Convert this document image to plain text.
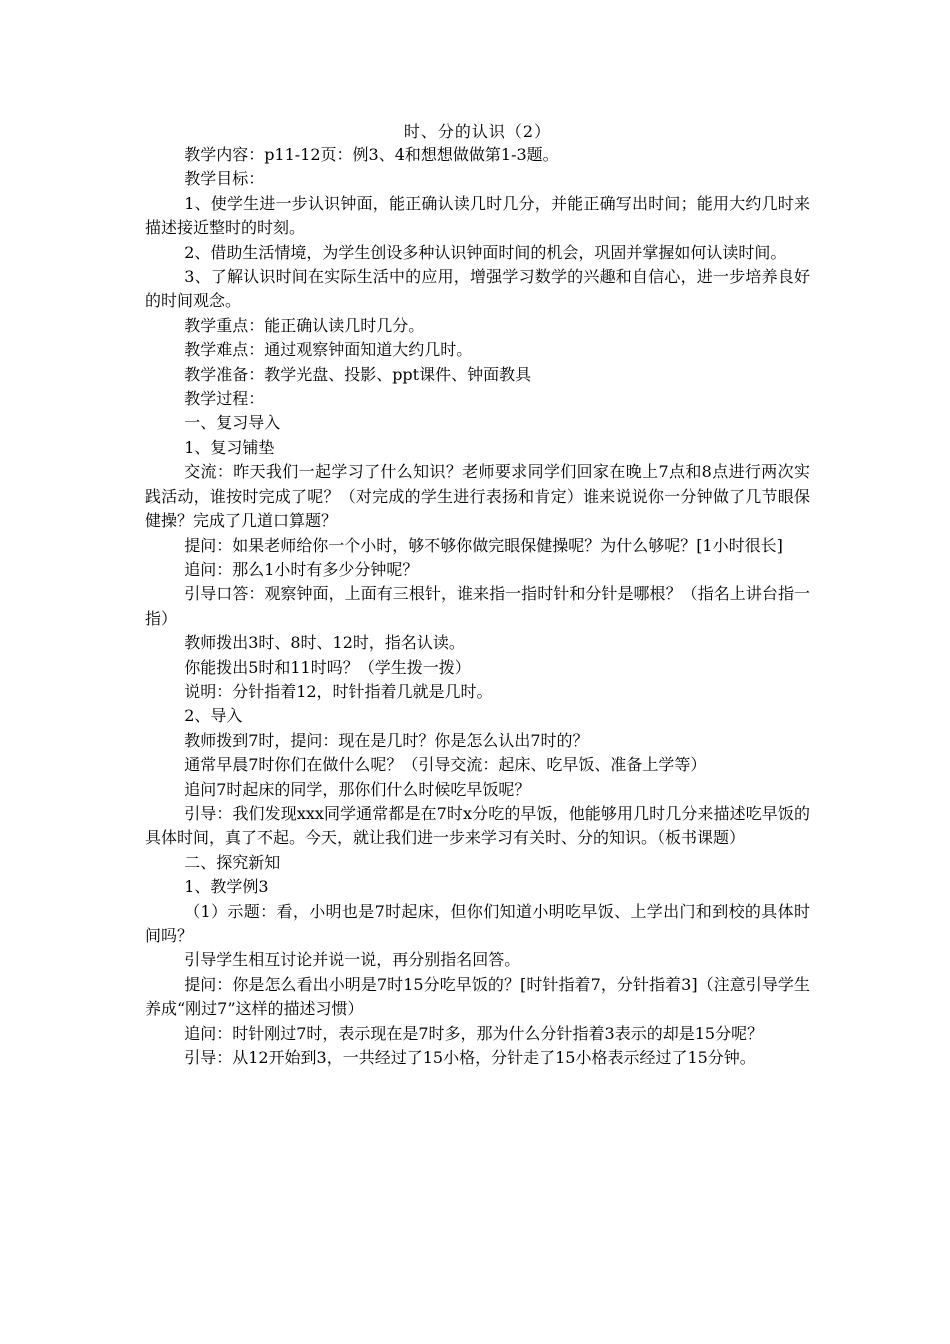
时、分的认识（2）

教学内容：p11-12页：例3、4和想想做做第1-3题。

教学目标：

1、使学生进一步认识钟面，能正确认读几时几分，并能正确写出时间；能用大约几时来描述接近整时的时刻。

2、借助生活情境，为学生创设多种认识钟面时间的机会，巩固并掌握如何认读时间。

3、了解认识时间在实际生活中的应用，增强学习数学的兴趣和自信心，进一步培养良好的时间观念。

教学重点：能正确认读几时几分。

教学难点：通过观察钟面知道大约几时。

教学准备：教学光盘、投影、ppt课件、钟面教具

教学过程：

一、复习导入

1、复习铺垫

交流：昨天我们一起学习了什么知识？老师要求同学们回家在晚上7点和8点进行两次实践活动，谁按时完成了呢？（对完成的学生进行表扬和肯定）谁来说说你一分钟做了几节眼保健操？完成了几道口算题？

提问：如果老师给你一个小时，够不够你做完眼保健操呢？为什么够呢？[1小时很长]

追问：那么1小时有多少分钟呢？

引导口答：观察钟面，上面有三根针，谁来指一指时针和分针是哪根？（指名上讲台指一指）

教师拨出3时、8时、12时，指名认读。

你能拨出5时和11时吗？（学生拨一拨）

说明：分针指着12，时针指着几就是几时。

2、导入

教师拨到7时，提问：现在是几时？你是怎么认出7时的？

通常早晨7时你们在做什么呢？（引导交流：起床、吃早饭、准备上学等）

追问7时起床的同学，那你们什么时候吃早饭呢？

引导：我们发现xxx同学通常都是在7时x分吃的早饭，他能够用几时几分来描述吃早饭的具体时间，真了不起。今天，就让我们进一步来学习有关时、分的知识。（板书课题）

二、探究新知

1、教学例3

（1）示题：看，小明也是7时起床，但你们知道小明吃早饭、上学出门和到校的具体时间吗？

引导学生相互讨论并说一说，再分别指名回答。

提问：你是怎么看出小明是7时15分吃早饭的？[时针指着7，分针指着3]（注意引导学生养成“刚过7”这样的描述习惯）

追问：时针刚过7时，表示现在是7时多，那为什么分针指着3表示的却是15分呢？

引导：从12开始到3，一共经过了15小格，分针走了15小格表示经过了15分钟。
